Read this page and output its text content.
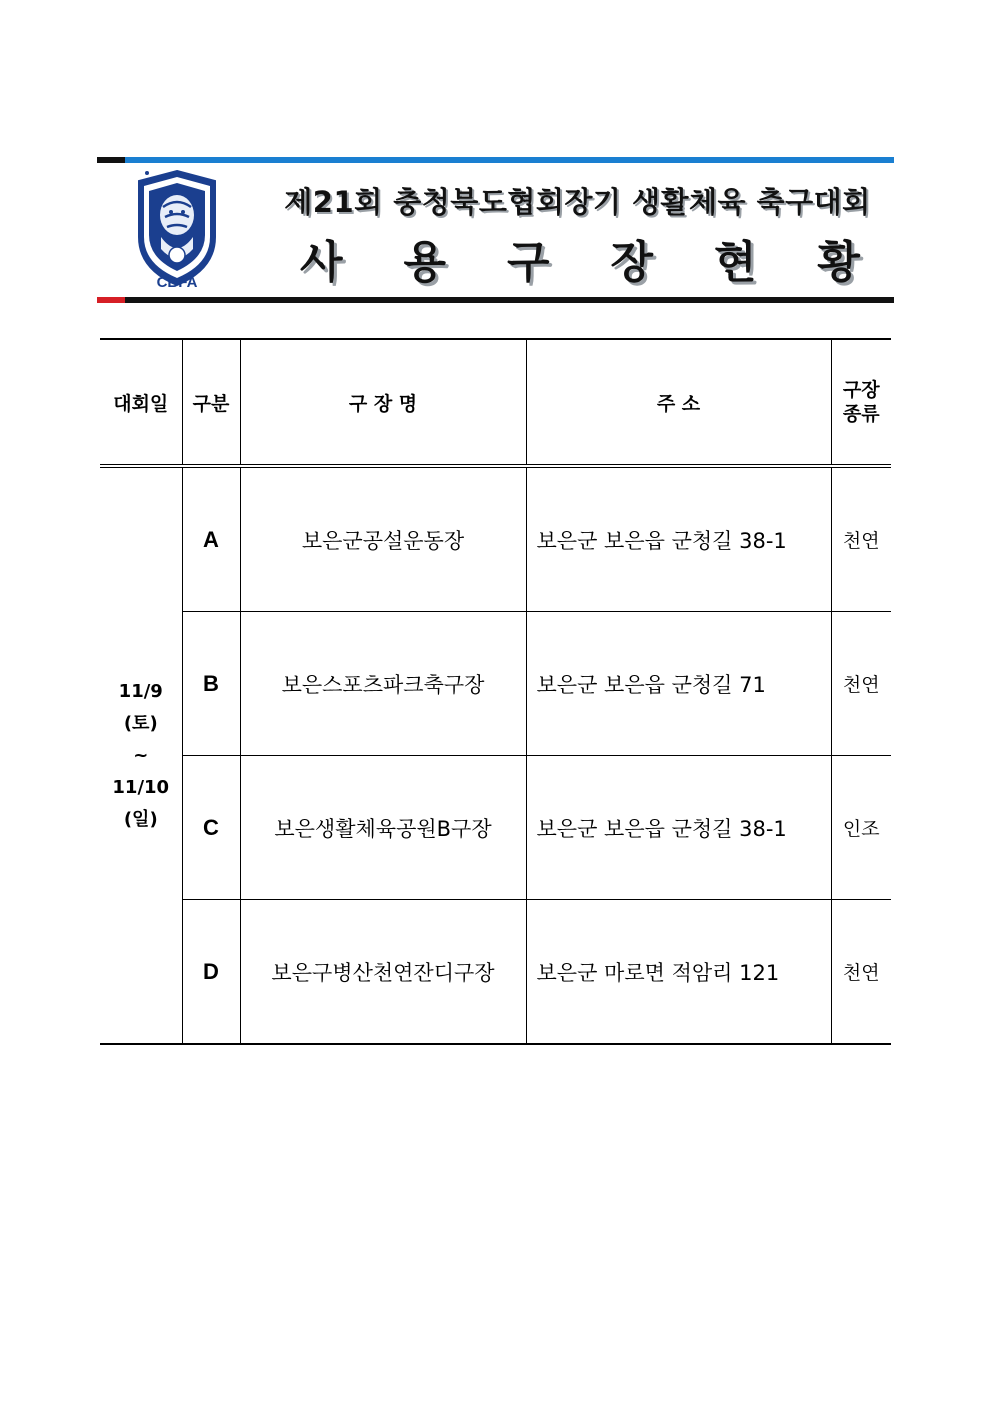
CBFA
제21회 충청북도협회장기 생활체육 축구대회
사 용 구 장 현 황
대회일	구분	구 장 명	주 소	구장
종류

11/9
(토)
~
11/10
(일)	A	보은군공설운동장	보은군 보은읍 군청길 38-1	천연
	B	보은스포츠파크축구장	보은군 보은읍 군청길 71	천연
	C	보은생활체육공원B구장	보은군 보은읍 군청길 38-1	인조
	D	보은구병산천연잔디구장	보은군 마로면 적암리 121	천연
